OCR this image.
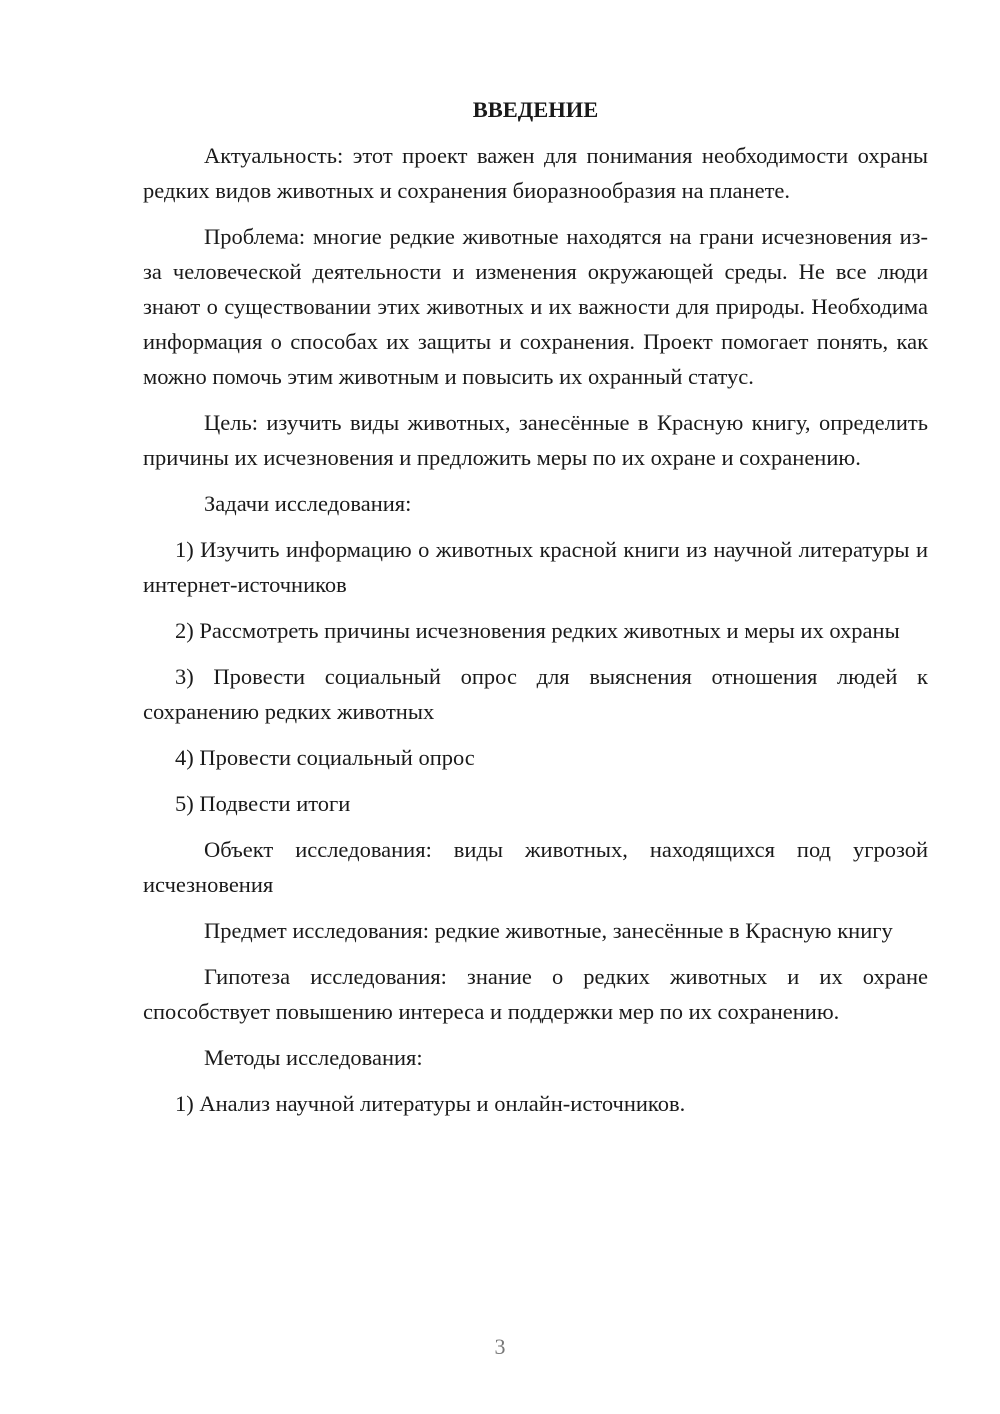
ВВЕДЕНИЕ

Актуальность: этот проект важен для понимания необходимости охраны редких видов животных и сохранения биоразнообразия на планете.

Проблема: многие редкие животные находятся на грани исчезновения из-за человеческой деятельности и изменения окружающей среды. Не все люди знают о существовании этих животных и их важности для природы. Необходима информация о способах их защиты и сохранения. Проект помогает понять, как можно помочь этим животным и повысить их охранный статус.

Цель: изучить виды животных, занесённые в Красную книгу, определить причины их исчезновения и предложить меры по их охране и сохранению.

Задачи исследования:

1) Изучить информацию о животных красной книги из научной литературы и интернет-источников

2) Рассмотреть причины исчезновения редких животных и меры их охраны

3) Провести социальный опрос для выяснения отношения людей к сохранению редких животных

4) Провести социальный опрос

5) Подвести итоги

Объект исследования: виды животных, находящихся под угрозой исчезновения

Предмет исследования: редкие животные, занесённые в Красную книгу

Гипотеза исследования: знание о редких животных и их охране способствует повышению интереса и поддержки мер по их сохранению.

Методы исследования:

1) Анализ научной литературы и онлайн-источников.

3
